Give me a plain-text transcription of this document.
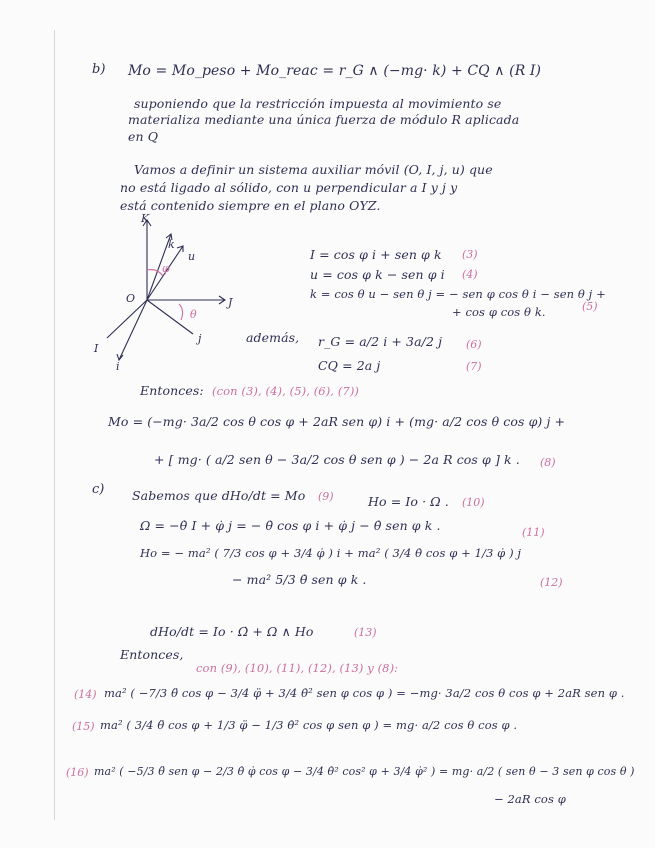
b) Mo = Mo_peso + Mo_reac = r_G ∧ (−mg· k) + CQ ∧ (R I)
suponiendo que la restricción impuesta al movimiento se
materializa mediante una única fuerza de módulo R aplicada
en Q
Vamos a definir un sistema auxiliar móvil (O, I, j, u) que
no está ligado al sólido, con u perpendicular a I y j y
está contenido siempre en el plano OYZ.
K
k
u
φ
O	J
θ
j
I
i
I = cos φ i + sen φ k (3)
u = cos φ k − sen φ i (4)
k = cos θ u − sen θ j = − sen φ cos θ i − sen θ j +
+ cos φ cos θ k.	(5)
además, r_G = a/2 i + 3a/2 j (6)
CQ = 2a j	(7)
Entonces: (con (3), (4), (5), (6), (7))
Mo = (−mg· 3a/2 cos θ cos φ + 2aR sen φ) i + (mg· a/2 cos θ cos φ) j +
+ [ mg· ( a/2 sen θ − 3a/2 cos θ sen φ ) − 2a R cos φ ] k . (8)
c) Sabemos que dHo/dt = Mo (9)	Ho = Io · Ω . (10)
Ω = −θ̇ I + φ̇ j = − θ̇ cos φ i + φ̇ j − θ̇ sen φ k .	(11)
Ho = − ma² ( 7/3 cos φ + 3/4 φ̇ ) i + ma² ( 3/4 θ̇ cos φ + 1/3 φ̇ ) j
− ma² 5/3 θ̇ sen φ k .	(12)
dHo/dt = Io · Ω̇ + Ω ∧ Ho	(13)
Entonces,
con (9), (10), (11), (12), (13) y (8):
(14) ma² ( −7/3 θ̈ cos φ − 3/4 φ̈ + 3/4 θ̇² sen φ cos φ ) = −mg· 3a/2 cos θ cos φ + 2aR sen φ .
(15) ma² ( 3/4 θ̈ cos φ + 1/3 φ̈ − 1/3 θ̇² cos φ sen φ ) = mg· a/2 cos θ cos φ .
(16) ma² ( −5/3 θ̈ sen φ − 2/3 θ̇ φ̇ cos φ − 3/4 θ̇² cos² φ + 3/4 φ̇² ) = mg· a/2 ( sen θ − 3 sen φ cos θ )
− 2aR cos φ
